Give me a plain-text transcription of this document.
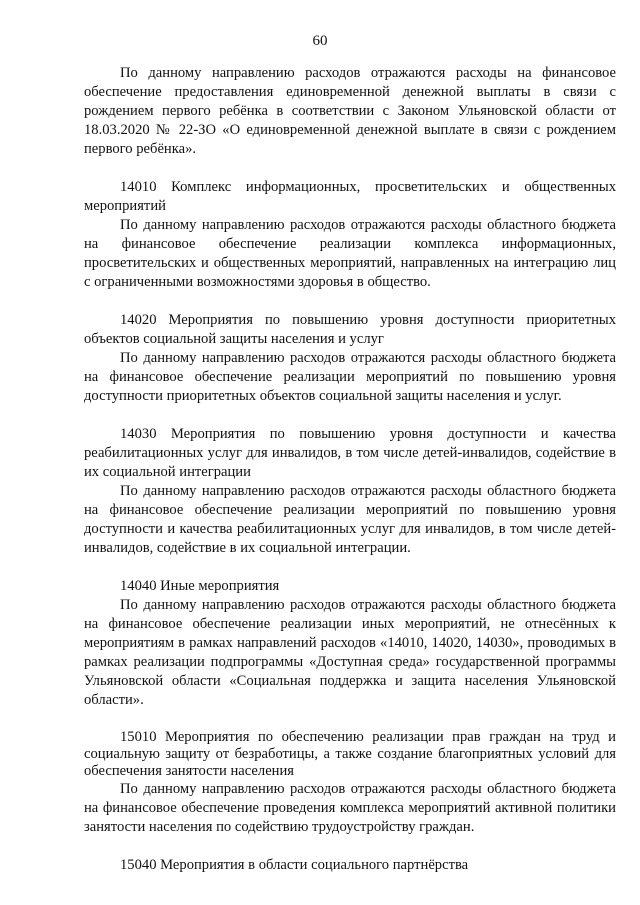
60

По данному направлению расходов отражаются расходы на финансовое обеспечение предоставления единовременной денежной выплаты в связи с рождением первого ребёнка в соответствии с Законом Ульяновской области от 18.03.2020 № 22-ЗО «О единовременной денежной выплате в связи с рождением первого ребёнка».

14010 Комплекс информационных, просветительских и общественных мероприятий

По данному направлению расходов отражаются расходы областного бюджета на финансовое обеспечение реализации комплекса информационных, просветительских и общественных мероприятий, направленных на интеграцию лиц с ограниченными возможностями здоровья в общество.

14020 Мероприятия по повышению уровня доступности приоритетных объектов социальной защиты населения и услуг

По данному направлению расходов отражаются расходы областного бюджета на финансовое обеспечение реализации мероприятий по повышению уровня доступности приоритетных объектов социальной защиты населения и услуг.

14030 Мероприятия по повышению уровня доступности и качества реабилитационных услуг для инвалидов, в том числе детей-инвалидов, содействие в их социальной интеграции

По данному направлению расходов отражаются расходы областного бюджета на финансовое обеспечение реализации мероприятий по повышению уровня доступности и качества реабилитационных услуг для инвалидов, в том числе детей-инвалидов, содействие в их социальной интеграции.

14040 Иные мероприятия

По данному направлению расходов отражаются расходы областного бюджета на финансовое обеспечение реализации иных мероприятий, не отнесённых к мероприятиям в рамках направлений расходов «14010, 14020, 14030», проводимых в рамках реализации подпрограммы «Доступная среда» государственной программы Ульяновской области «Социальная поддержка и защита населения Ульяновской области».

15010 Мероприятия по обеспечению реализации прав граждан на труд и социальную защиту от безработицы, а также создание благоприятных условий для обеспечения занятости населения

По данному направлению расходов отражаются расходы областного бюджета на финансовое обеспечение проведения комплекса мероприятий активной политики занятости населения по содействию трудоустройству граждан.

15040 Мероприятия в области социального партнёрства
